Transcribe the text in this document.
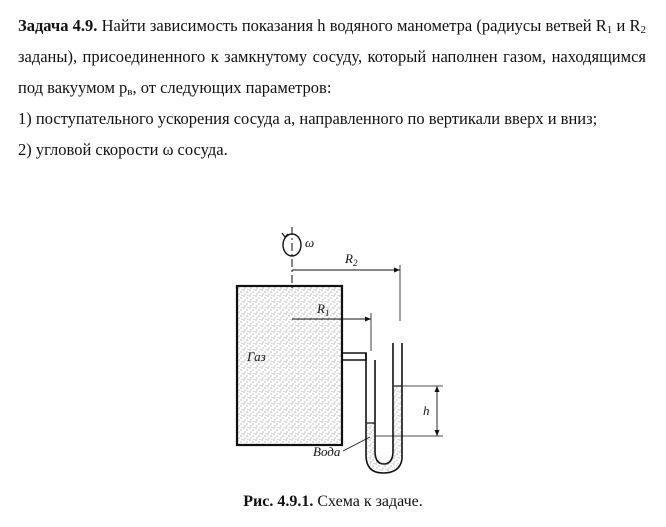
Задача 4.9. Найти зависимость показания h водяного манометра (радиусы ветвей $R_1$ и $R_2$ заданы), присоединенного к замкнутому сосуду, который наполнен газом, находящимся под вакуумом $p_в$, от следующих параметров:

1) поступательного ускорения сосуда a, направленного по вертикали вверх и вниз;

2) угловой скорости ω сосуда.

ω
$R_2$
$R_1$
Газ
h
Вода
Рис. 4.9.1. Схема к задаче.
